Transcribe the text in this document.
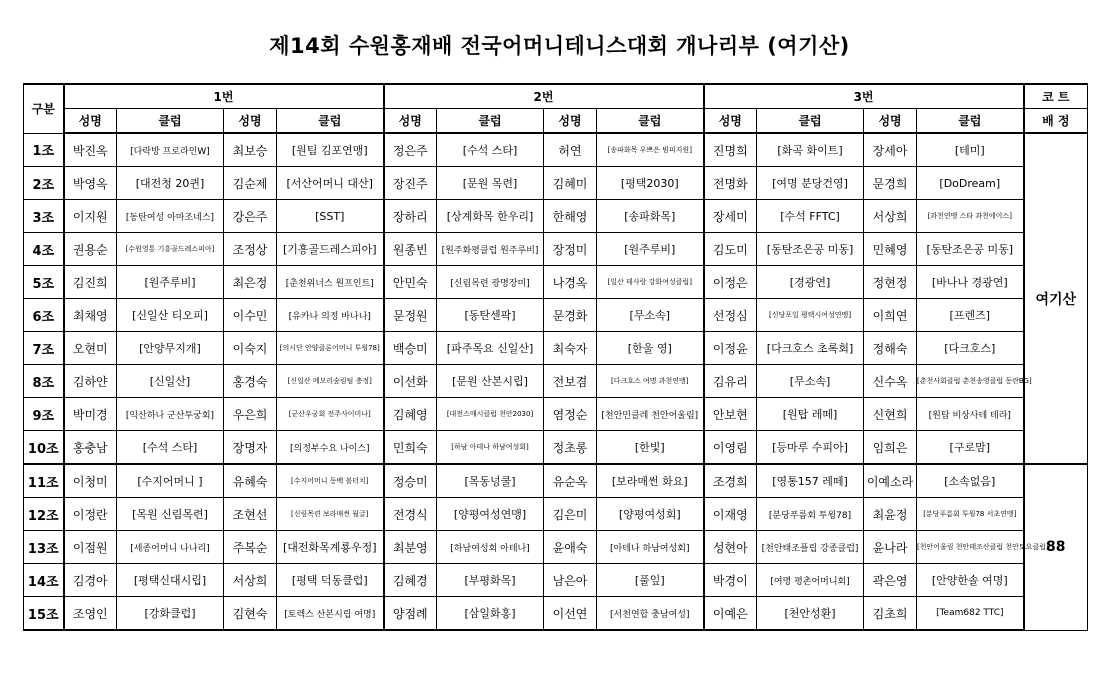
제14회 수원홍재배 전국어머니테니스대회 개나리부 (여기산)
구분	1번				2번				3번				코 트
	성명	클럽	성명	클럽	성명	클럽	성명	클럽	성명	클럽	성명	클럽	배 정
1조	박진옥	[다락방 프로라인W]	최보승	[원팀 김포연맹]	정은주	[수석 스타]	허연	[송파화목 우쁘은 빔피지원]	진명희	[화곡 화이트]	장세아	[테미]	여기산
2조	박영옥	[대전청 20퀸]	김순제	[서산어머니 대산]	장진주	[문원 목련]	김혜미	[평택2030]	전명화	[여명 분당건영]	문경희	[DoDream]	
3조	이지원	[동탄여성 아마조네스]	강은주	[SST]	장하리	[상계화목 한우리]	한해영	[송파화목]	장세미	[수석 FFTC]	서상희	[과천연맹 스타 과천에이스]	
4조	권용순	[수원영통 기흥골드레스피아]	조정상	[기흥골드레스피아]	원종빈	[원주화평클럽 원주루비]	장정미	[원주루비]	김도미	[동탄조은공 미동]	민혜영	[동탄조은공 미동]	
5조	김진희	[원주루비]	최은정	[춘천위너스 원프인트]	안민숙	[신림목련 광명장미]	나경옥	[일산 테사랑 강화여성클럽]	이정은	[경광연]	정현정	[바나나 경광연]	
6조	최채영	[신일산 티오피]	이수민	[유카나 의정 바나나]	문정원	[동탄센팍]	문경화	[무소속]	선정심	[신당포일 평택시여성연맹]	이희연	[프렌즈]	
7조	오현미	[안양무지개]	이숙지	[의시단 안양클론어머니 투윙78]	백승미	[파주목요 신일산]	최숙자	[한울 영]	이정윤	[다크호스 초록회]	정해숙	[다크호스]	
8조	김하얀	[신일산]	홍경숙	[신일산 메모리숲림팀 충정]	이선화	[문원 산본시립]	전보겸	[다크호스 여명 과천연맹]	김유리	[무소속]	신수옥	[춘천사회클럽 춘천송영클럽 동란BG]	
9조	박미경	[익산하나 군산투궁회]	우은희	[군산우궁회 전주사이미나]	김혜영	[대전스매시클럽 천안2030]	염정순	[천안민클레 천안어울림]	안보현	[원탑 레떼]	신현희	[원탑 비상사테 테라]	
10조	홍충남	[수석 스타]	장명자	[의정부수요 나이스]	민희숙	[하남 아테나 하남여성회]	정초롱	[한빛]	이영림	[등마루 수피아]	임희은	[구로맘]	
11조	이청미	[수지어머니 ]	유혜숙	[수지어머니 동백 볼터치]	정승미	[목동넝쿨]	유순옥	[보라매썬 화요]	조경희	[영통157 레떼]	이예소라	[소속없음]	88
12조	이정란	[목원 신림목련]	조현선	[신림목련 보라매썬 월글]	전경식	[양평여성연맹]	김은미	[양평여성회]	이재영	[분당푸름회 투윙78]	최윤정	[분당푸름회 투윙78 서초연맹]	
13조	이점원	[세종어머니 나나리]	주복순	[대전화목계룡우정]	최분영	[하남여성회 아테나]	윤애숙	[아테나 하남여성회]	성현아	[천안태조플립 강종클럽]	윤나라	[천안어울림 천안태조산클럽 천안토요클럽]	
14조	김경아	[평택신대시립]	서상희	[평택 덕동클럽]	김혜경	[부평화목]	남은아	[풀잎]	박경이	[여명 평촌어머니회]	곽은영	[안양한솔 여명]	
15조	조영인	[강화클럽]	김현숙	[토렉스 산본시립 여명]	양점례	[삼일화홍]	이선연	[서천연합 충남여성]	이예은	[천안성환]	김초희	[Team682 TTC]	
